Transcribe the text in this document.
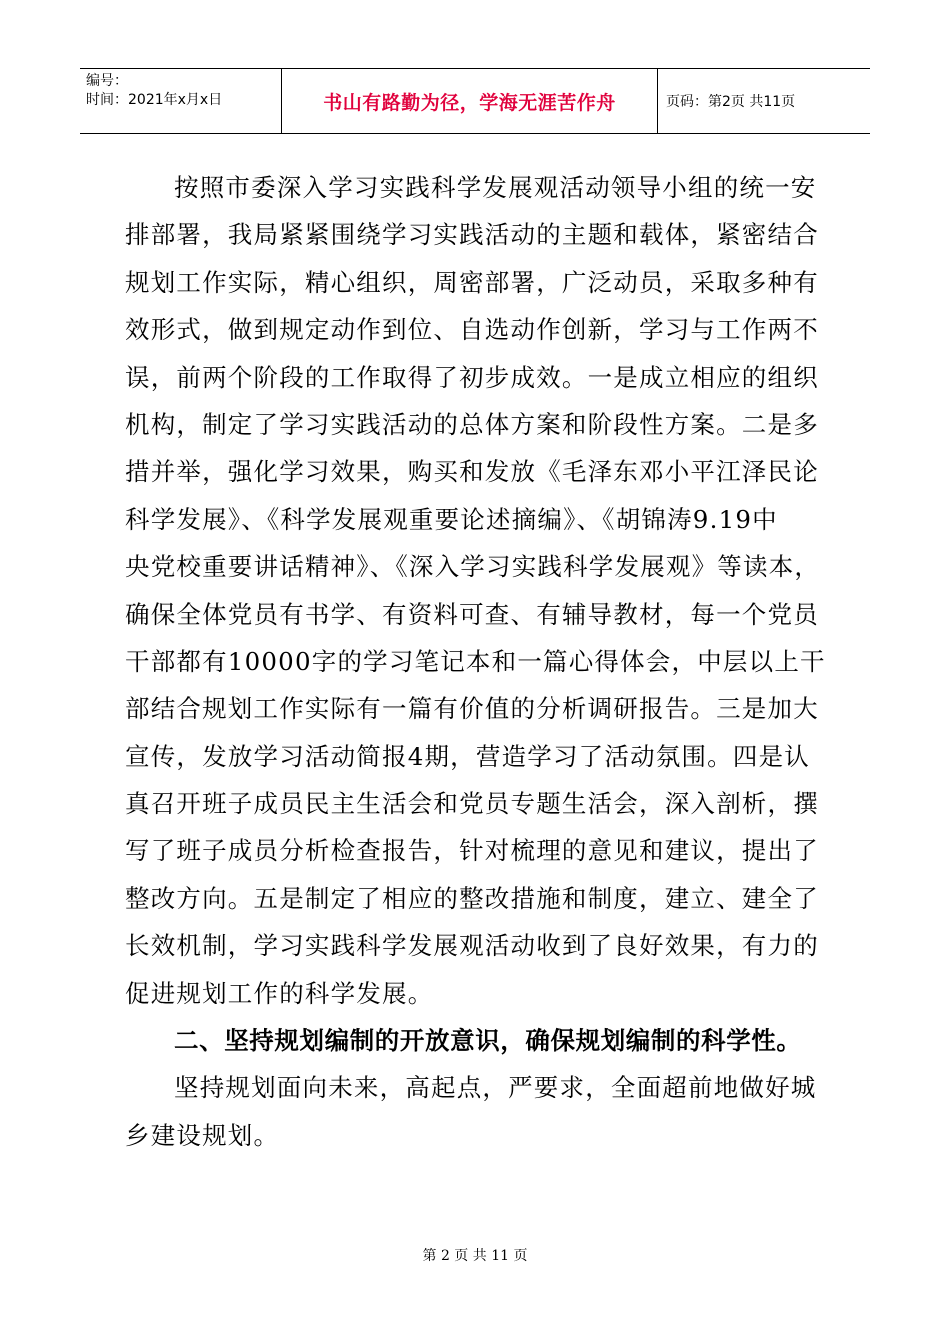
编号：
时间：2021年x月x日	书山有路勤为径，学海无涯苦作舟	页码：第2页 共11页
按照市委深入学习实践科学发展观活动领导小组的统一安
排部署，我局紧紧围绕学习实践活动的主题和载体，紧密结合
规划工作实际，精心组织，周密部署，广泛动员，采取多种有
效形式，做到规定动作到位、自选动作创新，学习与工作两不
误，前两个阶段的工作取得了初步成效。一是成立相应的组织
机构，制定了学习实践活动的总体方案和阶段性方案。二是多
措并举，强化学习效果，购买和发放《毛泽东邓小平江泽民论
科学发展》、《科学发展观重要论述摘编》、《胡锦涛9.19中
央党校重要讲话精神》、《深入学习实践科学发展观》等读本，
确保全体党员有书学、有资料可查、有辅导教材，每一个党员
干部都有10000字的学习笔记本和一篇心得体会，中层以上干
部结合规划工作实际有一篇有价值的分析调研报告。三是加大
宣传，发放学习活动简报4期，营造学习了活动氛围。四是认
真召开班子成员民主生活会和党员专题生活会，深入剖析，撰
写了班子成员分析检查报告，针对梳理的意见和建议，提出了
整改方向。五是制定了相应的整改措施和制度，建立、建全了
长效机制，学习实践科学发展观活动收到了良好效果，有力的
促进规划工作的科学发展。
二、坚持规划编制的开放意识，确保规划编制的科学性。
坚持规划面向未来，高起点，严要求，全面超前地做好城
乡建设规划。
第 2 页 共 11 页
